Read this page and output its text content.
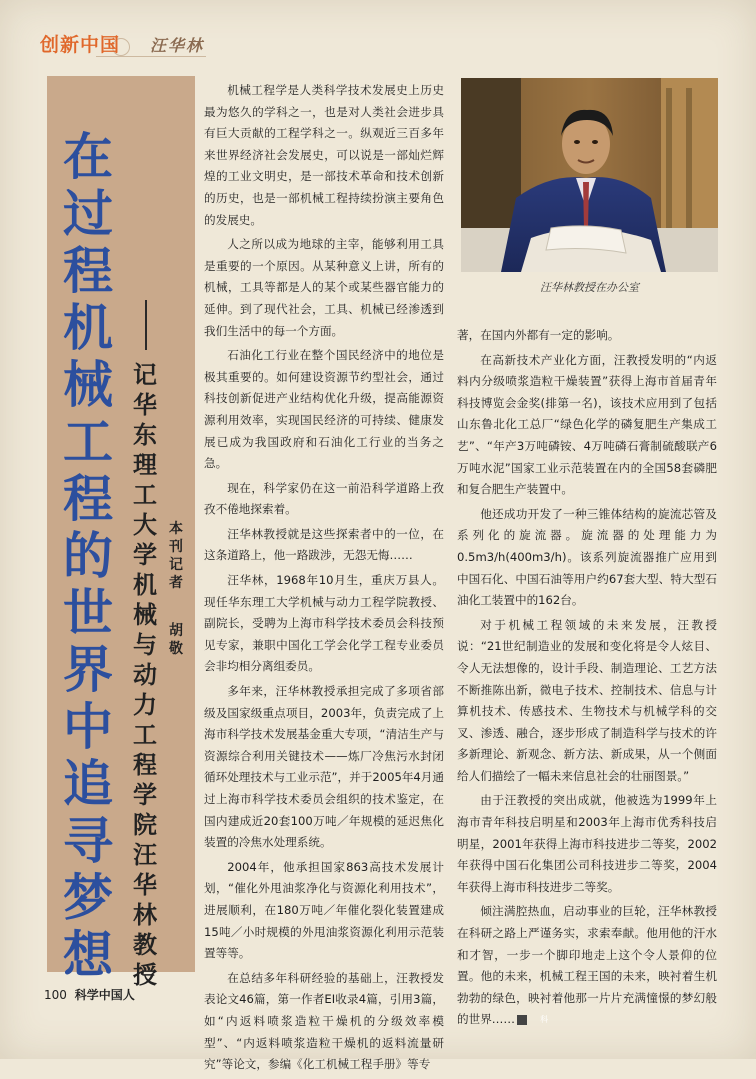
创新中国 汪华林
在
过
程
机
械
工
程
的
世
界
中
追
寻
梦
想
记
华
东
理
工
大
学
机
械
与
动
力
工
程
学
院
汪
华
林
教
授
本
刊
记
者
胡
敬

机械工程学是人类科学技术发展史上历史最为悠久的学科之一，也是对人类社会进步具有巨大贡献的工程学科之一。纵观近三百多年来世界经济社会发展史，可以说是一部灿烂辉煌的工业文明史，是一部技术革命和技术创新的历史，也是一部机械工程持续扮演主要角色的发展史。

人之所以成为地球的主宰，能够利用工具是重要的一个原因。从某种意义上讲，所有的机械，工具等都是人的某个或某些器官能力的延伸。到了现代社会，工具、机械已经渗透到我们生活中的每一个方面。

石油化工行业在整个国民经济中的地位是极其重要的。如何建设资源节约型社会，通过科技创新促进产业结构优化升级，提高能源资源利用效率，实现国民经济的可持续、健康发展已成为我国政府和石油化工行业的当务之急。

现在，科学家仍在这一前沿科学道路上孜孜不倦地探索着。

汪华林教授就是这些探索者中的一位，在这条道路上，他一路跋涉，无怨无悔……

汪华林，1968年10月生，重庆万县人。现任华东理工大学机械与动力工程学院教授、副院长，受聘为上海市科学技术委员会科技预见专家，兼职中国化工学会化学工程专业委员会非均相分离组委员。

多年来，汪华林教授承担完成了多项省部级及国家级重点项目，2003年，负责完成了上海市科学技术发展基金重大专项，“清洁生产与资源综合利用关键技术——炼厂冷焦污水封闭循环处理技术与工业示范”，并于2005年4月通过上海市科学技术委员会组织的技术鉴定，在国内建成近20套100万吨／年规模的延迟焦化装置的冷焦水处理系统。

2004年，他承担国家863高技术发展计划，“催化外甩油浆净化与资源化利用技术”，进展顺利，在180万吨／年催化裂化装置建成15吨／小时规模的外甩油浆资源化利用示范装置等等。

在总结多年科研经验的基础上，汪教授发表论文46篇，第一作者EI收录4篇，引用3篇，如“内返料喷浆造粒干燥机的分级效率模型”、“内返料喷浆造粒干燥机的返料流量研究”等论文，参编《化工机械工程手册》等专

汪华林教授在办公室

著，在国内外都有一定的影响。

在高新技术产业化方面，汪教授发明的“内返料内分级喷浆造粒干燥装置”获得上海市首届青年科技博览会金奖(排第一名)，该技术应用到了包括山东鲁北化工总厂“绿色化学的磷复肥生产集成工艺”、“年产3万吨磷铵、4万吨磷石膏制硫酸联产6万吨水泥”国家工业示范装置在内的全国58套磷肥和复合肥生产装置中。

他还成功开发了一种三锥体结构的旋流芯管及系列化的旋流器。旋流器的处理能力为0.5m3/h(400m3/h)。该系列旋流器推广应用到中国石化、中国石油等用户约67套大型、特大型石油化工装置中的162台。

对于机械工程领域的未来发展，汪教授说：“21世纪制造业的发展和变化将是令人炫目、令人无法想像的，设计手段、制造理论、工艺方法不断推陈出新，微电子技术、控制技术、信息与计算机技术、传感技术、生物技术与机械学科的交叉、渗透、融合，逐步形成了制造科学与技术的许多新理论、新观念、新方法、新成果，从一个侧面给人们描绘了一幅未来信息社会的壮丽图景。”

由于汪教授的突出成就，他被选为1999年上海市青年科技启明星和2003年上海市优秀科技启明星，2001年获得上海市科技进步二等奖，2002年获得中国石化集团公司科技进步二等奖，2004年获得上海市科技进步二等奖。

倾注满腔热血，启动事业的巨轮，汪华林教授在科研之路上严谨务实，求索奉献。他用他的汗水和才智，一步一个脚印地走上这个令人景仰的位置。他的未来，机械工程王国的未来，映衬着生机勃勃的绿色，映衬着他那一片片充满憧憬的梦幻般的世界……	科

100 科学中国人
